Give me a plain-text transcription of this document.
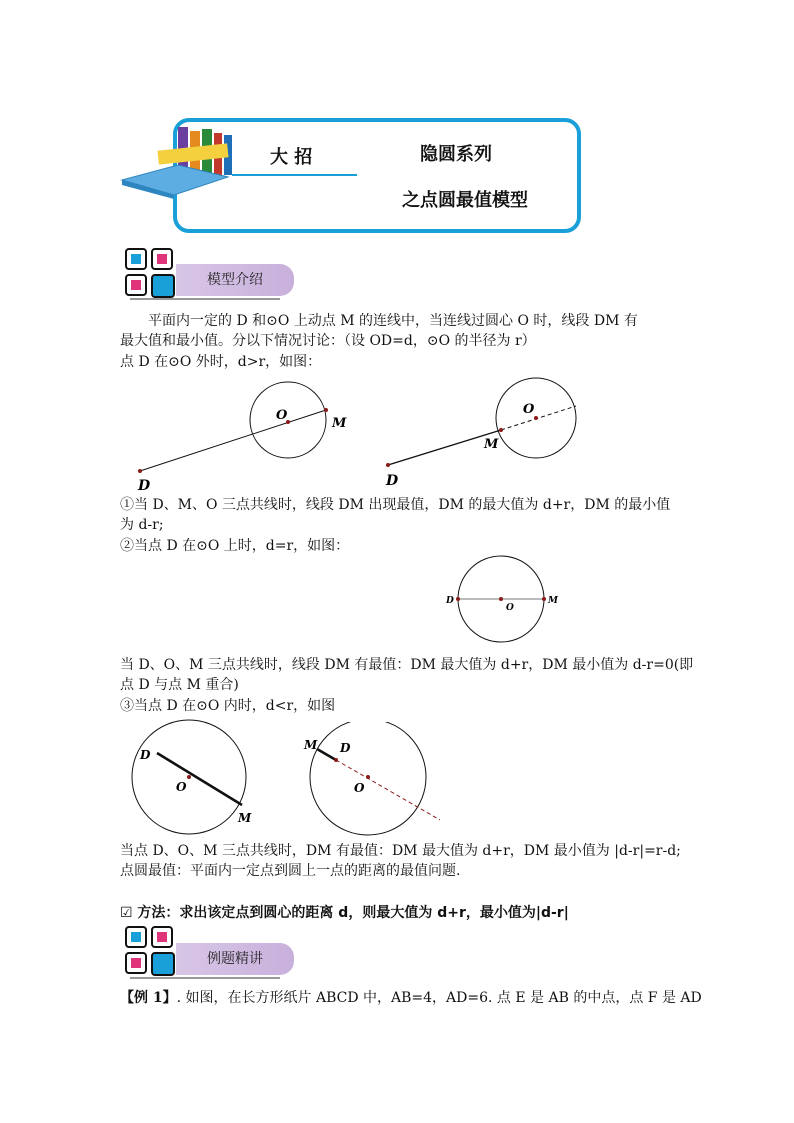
大 招	隐圆系列
之点圆最值模型
模型介绍
平面内一定的 D 和⊙O 上动点 M 的连线中，当连线过圆心 O 时，线段 DM 有
最大值和最小值。分以下情况讨论：（设 OD=d，⊙O 的半径为 r）
点 D 在⊙O 外时，d>r，如图：
O
M
D
O
M
D
①当 D、M、O 三点共线时，线段 DM 出现最值，DM 的最大值为 d+r，DM 的最小值
为 d-r;
②当点 D 在⊙O 上时，d=r，如图：
D
O
M
当 D、O、M 三点共线时，线段 DM 有最值：DM 最大值为 d+r，DM 最小值为 d-r=0(即
点 D 与点 M 重合)
③当点 D 在⊙O 内时，d<r，如图
D
O
M
M D
O
当点 D、O、M 三点共线时，DM 有最值：DM 最大值为 d+r，DM 最小值为 |d-r|=r-d;
点圆最值：平面内一定点到圆上一点的距离的最值问题.
☑ 方法：求出该定点到圆心的距离 d，则最大值为 d+r，最小值为|d-r|
例题精讲
【例 1】. 如图，在长方形纸片 ABCD 中，AB=4，AD=6. 点 E 是 AB 的中点，点 F 是 AD
